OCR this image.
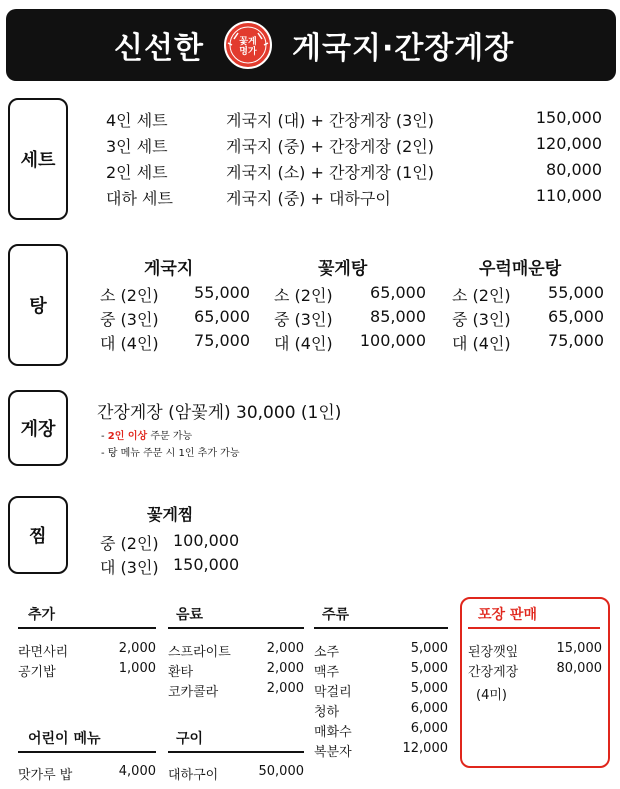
신선한	꽃게
명가	게국지·간장게장
세트
탕
게장
간장게장 (암꽃게) 30,000 (1인)
- 2인 이상 주문 가능
- 탕 메뉴 주문 시 1인 추가 가능
찜
꽃게찜
4인 세트	게국지 (대) + 간장게장 (3인)	150,000
3인 세트	게국지 (중) + 간장게장 (2인)	120,000
2인 세트	게국지 (소) + 간장게장 (1인)	80,000
대하 세트	게국지 (중) + 대하구이	110,000
게국지
소 (2인) 55,000
중 (3인) 65,000
대 (4인) 75,000
꽃게탕
소 (2인) 65,000
중 (3인) 85,000
대 (4인) 100,000
우럭매운탕
소 (2인) 55,000
중 (3인) 65,000
대 (4인) 75,000
중 (2인) 100,000
대 (3인) 150,000
추가
라면사리	2,000
공기밥	1,000
음료
스프라이트	2,000
환타	2,000
코카콜라	2,000
주류
소주	5,000
맥주	5,000
막걸리	5,000
청하	6,000
매화수	6,000
복분자	12,000
포장 판매
된장깻잎	15,000
간장게장	80,000
(4미)
어린이 메뉴
맛가루 밥	4,000
구이
대하구이	50,000
